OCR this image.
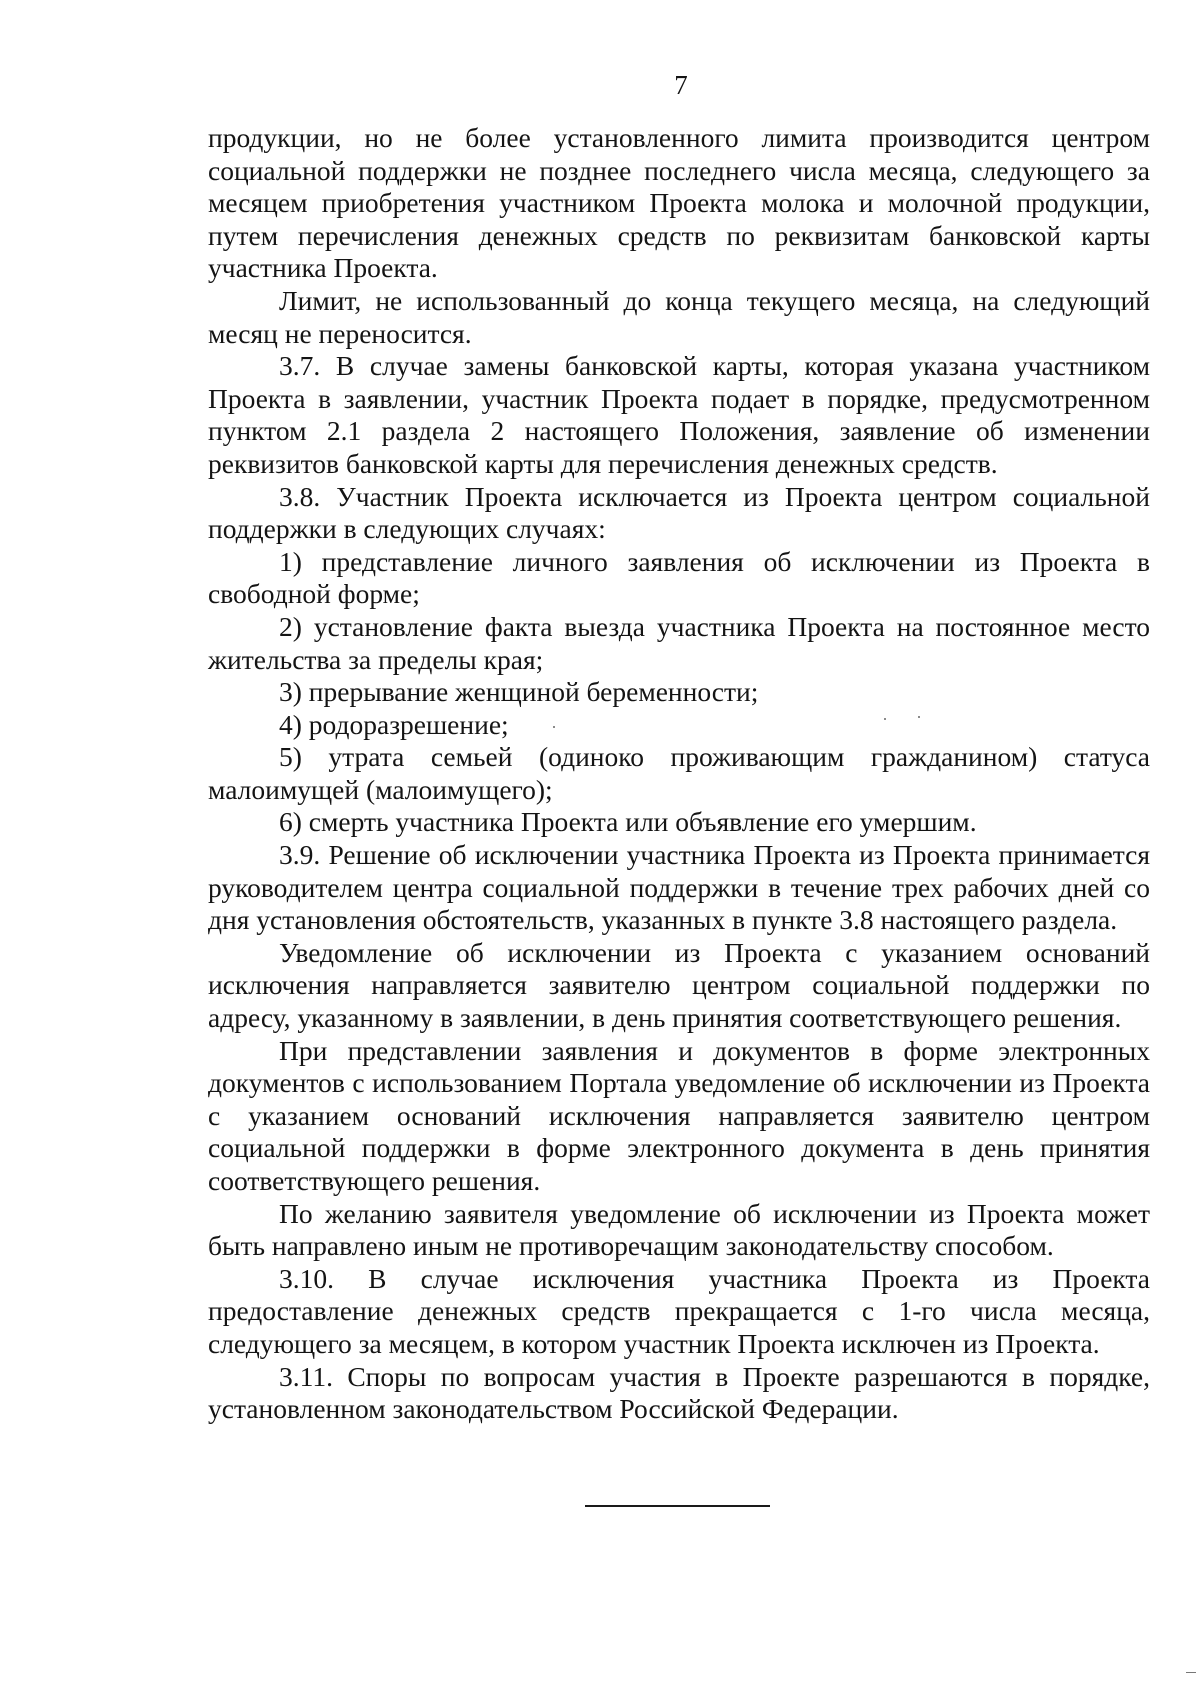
7

продукции, но не более установленного лимита производится центром социальной поддержки не позднее последнего числа месяца, следующего за месяцем приобретения участником Проекта молока и молочной продукции, путем перечисления денежных средств по реквизитам банковской карты участника Проекта.

Лимит, не использованный до конца текущего месяца, на следующий месяц не переносится.

3.7. В случае замены банковской карты, которая указана участником Проекта в заявлении, участник Проекта подает в порядке, предусмотренном пунктом 2.1 раздела 2 настоящего Положения, заявление об изменении реквизитов банковской карты для перечисления денежных средств.

3.8. Участник Проекта исключается из Проекта центром социальной поддержки в следующих случаях:

1) представление личного заявления об исключении из Проекта в свободной форме;

2) установление факта выезда участника Проекта на постоянное место жительства за пределы края;

3) прерывание женщиной беременности;

4) родоразрешение;

5) утрата семьей (одиноко проживающим гражданином) статуса малоимущей (малоимущего);

6) смерть участника Проекта или объявление его умершим.

3.9. Решение об исключении участника Проекта из Проекта принимается руководителем центра социальной поддержки в течение трех рабочих дней со дня установления обстоятельств, указанных в пункте 3.8 настоящего раздела.

Уведомление об исключении из Проекта с указанием оснований исключения направляется заявителю центром социальной поддержки по адресу, указанному в заявлении, в день принятия соответствующего решения.

При представлении заявления и документов в форме электронных документов с использованием Портала уведомление об исключении из Проекта с указанием оснований исключения направляется заявителю центром социальной поддержки в форме электронного документа в день принятия соответствующего решения.

По желанию заявителя уведомление об исключении из Проекта может быть направлено иным не противоречащим законодательству способом.

3.10. В случае исключения участника Проекта из Проекта предоставление денежных средств прекращается с 1-го числа месяца, следующего за месяцем, в котором участник Проекта исключен из Проекта.

3.11. Споры по вопросам участия в Проекте разрешаются в порядке, установленном законодательством Российской Федерации.
